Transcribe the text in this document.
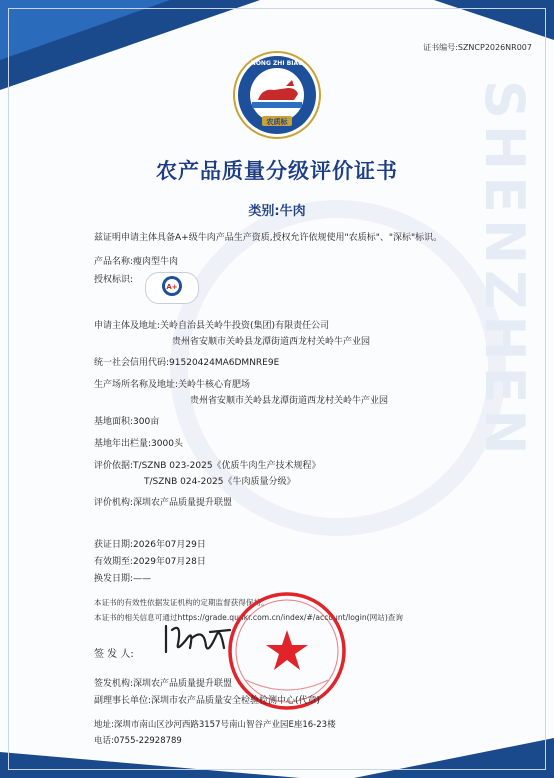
SHENZHEN
证书编号:SZNCP2026NR007
农质标
NONG ZHI BIAO
农产品质量分级评价证书
类别:牛肉
兹证明申请主体具备A+级牛肉产品生产资质,授权允许依规使用"农质标"、"深标"标识。
产品名称:瘦肉型牛肉
授权标识:
A+
申请主体及地址:关岭自治县关岭牛投资(集团)有限责任公司
贵州省安顺市关岭县龙潭街道西龙村关岭牛产业园
统一社会信用代码:91520424MA6DMNRE9E
生产场所名称及地址:关岭牛核心育肥场
贵州省安顺市关岭县龙潭街道西龙村关岭牛产业园
基地面积:300亩
基地年出栏量:3000头
评价依据:T/SZNB 023-2025《优质牛肉生产技术规程》
T/SZNB 024-2025《牛肉质量分级》
评价机构:深圳农产品质量提升联盟
获证日期:2026年07月29日
有效期至:2029年07月28日
换发日期:——
本证书的有效性依据发证机构的定期监督获得保持。
本证书的相关信息可通过https://grade.qunkr.com.cn/index/#/account/login(网站)查询
签 发 人:
签发机构:深圳农产品质量提升联盟
副理事长单位:深圳市农产品质量安全检验检测中心(代章)
地址:深圳市南山区沙河西路3157号南山智谷产业园E座16-23楼
电话:0755-22928789
